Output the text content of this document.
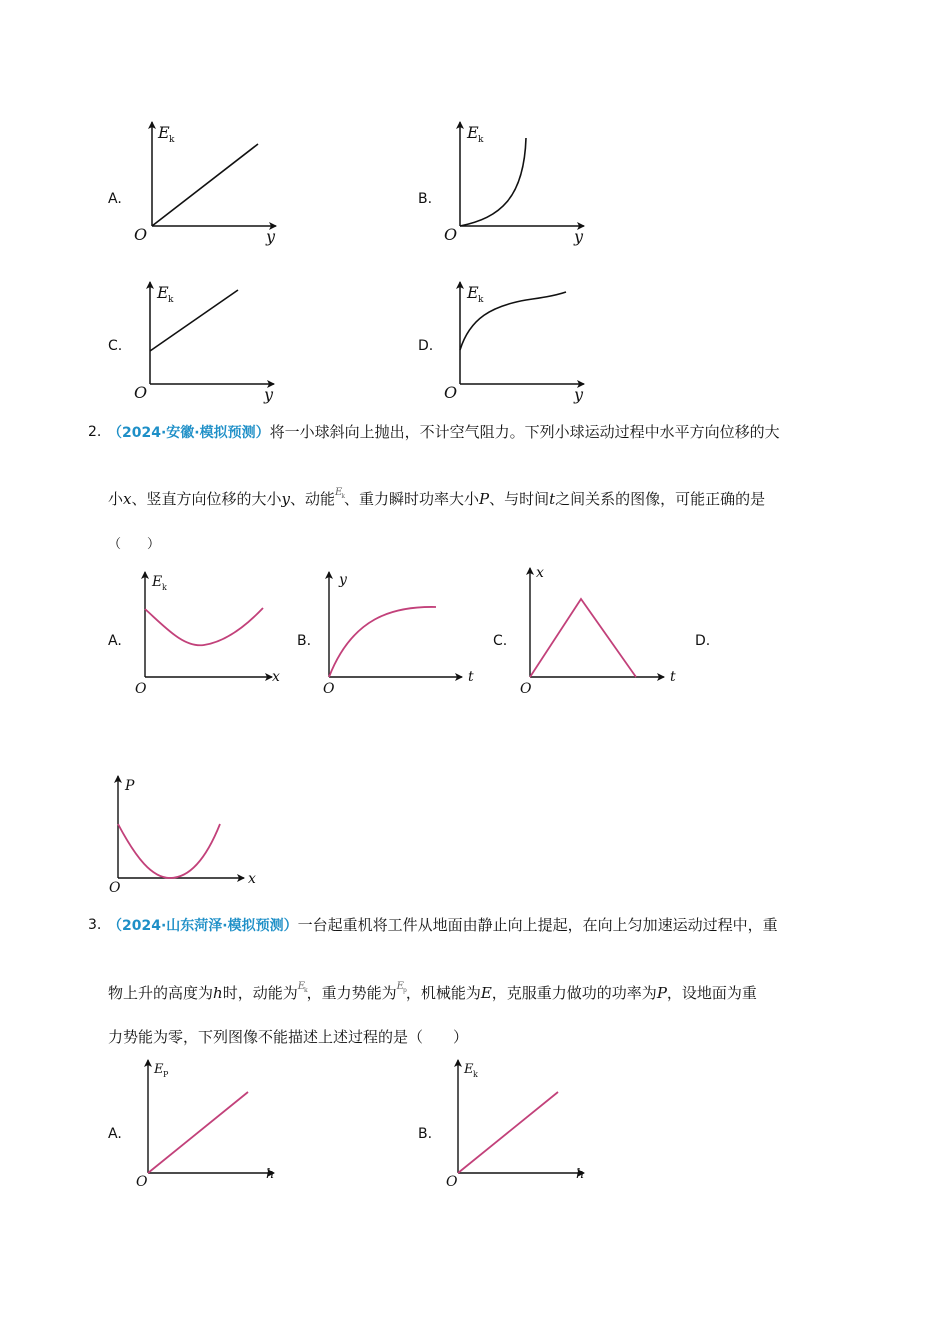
A.
E k
y
O
B.
E k
y
O
C.
E k
y
O
D.
E k
y
O
2. （2024·安徽·模拟预测）将一小球斜向上抛出，不计空气阻力。下列小球运动过程中水平方向位移的大
小x、竖直方向位移的大小y、动能$^{E_k}$、重力瞬时功率大小P、与时间t之间关系的图像，可能正确的是
（　　）
A.
E k
x
O
B.
y
t
O
C.
x
t
O
D.
P
x
O
3. （2024·山东菏泽·模拟预测）一台起重机将工件从地面由静止向上提起，在向上匀加速运动过程中，重
物上升的高度为h时，动能为$^{E_k}$，重力势能为$^{E_p}$，机械能为E，克服重力做功的功率为P，设地面为重
力势能为零，下列图像不能描述上述过程的是（　　）
A.
E P
h
O
B.
E k
h
O
